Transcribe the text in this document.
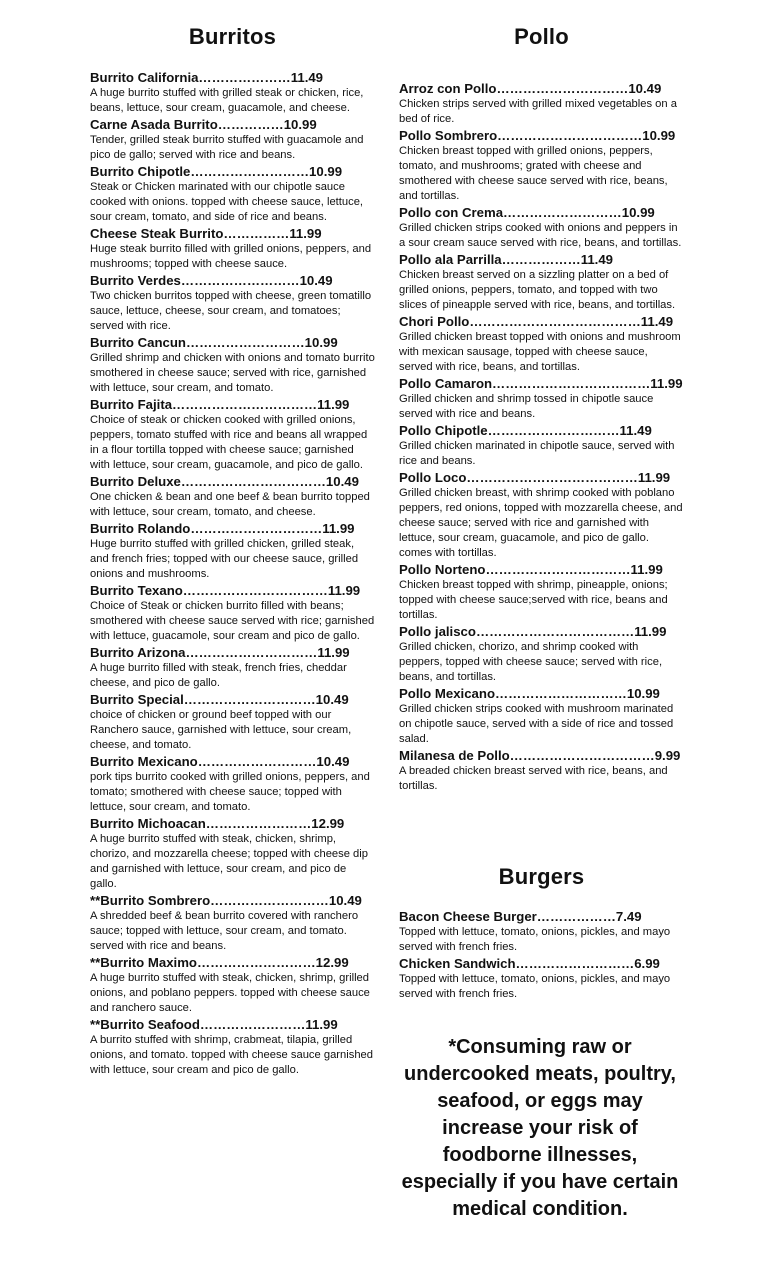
Burritos
Burrito California…………………11.49
A huge burrito stuffed with grilled steak or chicken, rice, beans, lettuce, sour cream, guacamole, and cheese.
Carne Asada Burrito……………10.99
Tender, grilled steak burrito stuffed with guacamole and pico de gallo; served with rice and beans.
Burrito Chipotle………………………10.99
Steak or Chicken marinated with our chipotle sauce cooked with onions. topped with cheese sauce, lettuce, sour cream, tomato, and side of rice and beans.
Cheese Steak Burrito……………11.99
Huge steak burrito filled with grilled onions, peppers, and mushrooms; topped with cheese sauce.
Burrito Verdes………………………10.49
Two chicken burritos topped with cheese, green tomatillo sauce, lettuce, cheese, sour cream, and tomatoes; served with rice.
Burrito Cancun………………………10.99
Grilled shrimp and chicken with onions and tomato burrito smothered in cheese sauce; served with rice, garnished with lettuce, sour cream, and tomato.
Burrito Fajita……………………………11.99
Choice of steak or chicken cooked with grilled onions, peppers, tomato stuffed with rice and beans all wrapped in a flour tortilla topped with cheese sauce; garnished with lettuce, sour cream, guacamole, and pico de gallo.
Burrito Deluxe……………………………10.49
One chicken & bean and one beef & bean burrito topped with lettuce, sour cream, tomato, and cheese.
Burrito Rolando…………………………11.99
Huge burrito stuffed with grilled chicken, grilled steak, and french fries; topped with our cheese sauce, grilled onions and mushrooms.
Burrito Texano……………………………11.99
Choice of Steak or chicken burrito filled with beans; smothered with cheese sauce served with rice; garnished with lettuce, guacamole, sour cream and pico de gallo.
Burrito Arizona…………………………11.99
A huge burrito filled with steak, french fries, cheddar cheese, and pico de gallo.
Burrito Special…………………………10.49
choice of chicken or ground beef topped with our Ranchero sauce, garnished with lettuce, sour cream, cheese, and tomato.
Burrito Mexicano………………………10.49
pork tips burrito cooked with grilled onions, peppers, and tomato; smothered with cheese sauce; topped with lettuce, sour cream, and tomato.
Burrito Michoacan……………………12.99
A huge burrito stuffed with steak, chicken, shrimp, chorizo, and mozzarella cheese; topped with cheese dip and garnished with lettuce, sour cream, and pico de gallo.
**Burrito Sombrero………………………10.49
A shredded beef & bean burrito covered with ranchero sauce; topped with lettuce, sour cream, and tomato. served with rice and beans.
**Burrito Maximo………………………12.99
A huge burrito stuffed with steak, chicken, shrimp, grilled onions, and poblano peppers. topped with cheese sauce and ranchero sauce.
**Burrito Seafood……………………11.99
A burrito stuffed with shrimp, crabmeat, tilapia, grilled onions, and tomato. topped with cheese sauce garnished with lettuce, sour cream and pico de gallo.
Pollo
Arroz con Pollo…………………………10.49
Chicken strips served with grilled mixed vegetables on a bed of rice.
Pollo Sombrero……………………………10.99
Chicken breast topped with grilled onions, peppers, tomato, and mushrooms; grated with cheese and smothered with cheese sauce served with rice, beans, and tortillas.
Pollo con Crema………………………10.99
Grilled chicken strips cooked with onions and peppers in a sour cream sauce served with rice, beans, and tortillas.
Pollo ala Parrilla………………11.49
Chicken breast served on a sizzling platter on a bed of grilled onions, peppers, tomato, and topped with two slices of pineapple served with rice, beans, and tortillas.
Chori Pollo…………………………………11.49
Grilled chicken breast topped with onions and mushroom with mexican sausage, topped with cheese sauce, served with rice, beans, and tortillas.
Pollo Camaron………………………………11.99
Grilled chicken and shrimp tossed in chipotle sauce served with rice and beans.
Pollo Chipotle…………………………11.49
Grilled chicken marinated in chipotle sauce, served with rice and beans.
Pollo Loco…………………………………11.99
Grilled chicken breast, with shrimp cooked with poblano peppers, red onions, topped with mozzarella cheese, and cheese sauce; served with rice and garnished with lettuce, sour cream, guacamole, and pico de gallo. comes with tortillas.
Pollo Norteno……………………………11.99
Chicken breast topped with shrimp, pineapple, onions; topped with cheese sauce;served with rice, beans and tortillas.
Pollo jalisco………………………………11.99
Grilled chicken, chorizo, and shrimp cooked with peppers, topped with cheese sauce; served with rice, beans, and tortillas.
Pollo Mexicano…………………………10.99
Grilled chicken strips cooked with mushroom marinated on chipotle sauce, served with a side of rice and tossed salad.
Milanesa de Pollo……………………………9.99
A breaded chicken breast served with rice, beans, and tortillas.
Burgers
Bacon Cheese Burger………………7.49
Topped with lettuce, tomato, onions, pickles, and mayo served with french fries.
Chicken Sandwich………………………6.99
Topped with lettuce, tomato, onions, pickles, and mayo served with french fries.
*Consuming raw or undercooked meats, poultry, seafood, or eggs may increase your risk of foodborne illnesses, especially if you have certain medical condition.
